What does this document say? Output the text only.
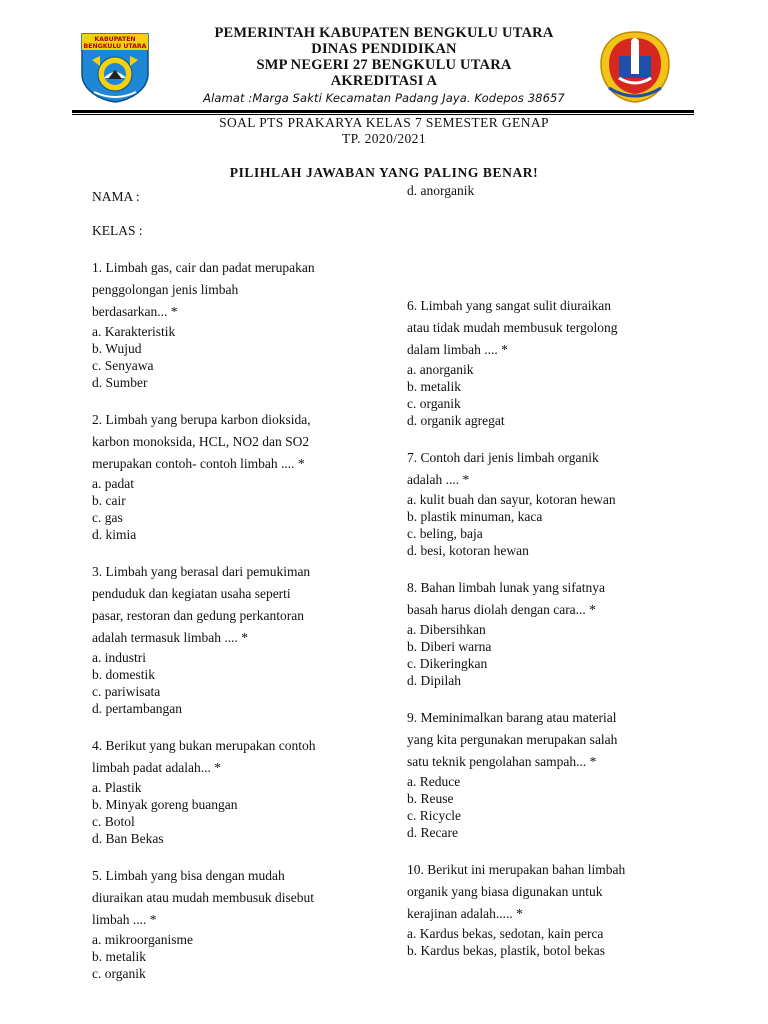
KABUPATEN
BENGKULU UTARA
PEMERINTAH KABUPATEN BENGKULU UTARA
DINAS PENDIDIKAN
SMP NEGERI 27 BENGKULU UTARA
AKREDITASI A
Alamat :Marga Sakti Kecamatan Padang Jaya. Kodepos 38657
SOAL PTS PRAKARYA KELAS 7 SEMESTER GENAP
TP. 2020/2021
PILIHLAH JAWABAN YANG PALING BENAR!
NAMA :
KELAS :
1. Limbah gas, cair dan padat merupakan
penggolongan jenis limbah
berdasarkan... *
a. Karakteristik
b. Wujud
c. Senyawa
d. Sumber
2. Limbah yang berupa karbon dioksida,
karbon monoksida, HCL, NO2 dan SO2
merupakan contoh- contoh limbah .... *
a. padat
b. cair
c. gas
d. kimia
3. Limbah yang berasal dari pemukiman
penduduk dan kegiatan usaha seperti
pasar, restoran dan gedung perkantoran
adalah termasuk limbah .... *
a. industri
b. domestik
c. pariwisata
d. pertambangan
4. Berikut yang bukan merupakan contoh
limbah padat adalah... *
a. Plastik
b. Minyak goreng buangan
c. Botol
d. Ban Bekas
5. Limbah yang bisa dengan mudah
diuraikan atau mudah membusuk disebut
limbah .... *
a. mikroorganisme
b. metalik
c. organik
d. anorganik
6. Limbah yang sangat sulit diuraikan
atau tidak mudah membusuk tergolong
dalam limbah .... *
a. anorganik
b. metalik
c. organik
d. organik agregat
7. Contoh dari jenis limbah organik
adalah .... *
a. kulit buah dan sayur, kotoran hewan
b. plastik minuman, kaca
c. beling, baja
d. besi, kotoran hewan
8. Bahan limbah lunak yang sifatnya
basah harus diolah dengan cara... *
a. Dibersihkan
b. Diberi warna
c. Dikeringkan
d. Dipilah
9. Meminimalkan barang atau material
yang kita pergunakan merupakan salah
satu teknik pengolahan sampah... *
a. Reduce
b. Reuse
c. Ricycle
d. Recare
10. Berikut ini merupakan bahan limbah
organik yang biasa digunakan untuk
kerajinan adalah..... *
a. Kardus bekas, sedotan, kain perca
b. Kardus bekas, plastik, botol bekas
